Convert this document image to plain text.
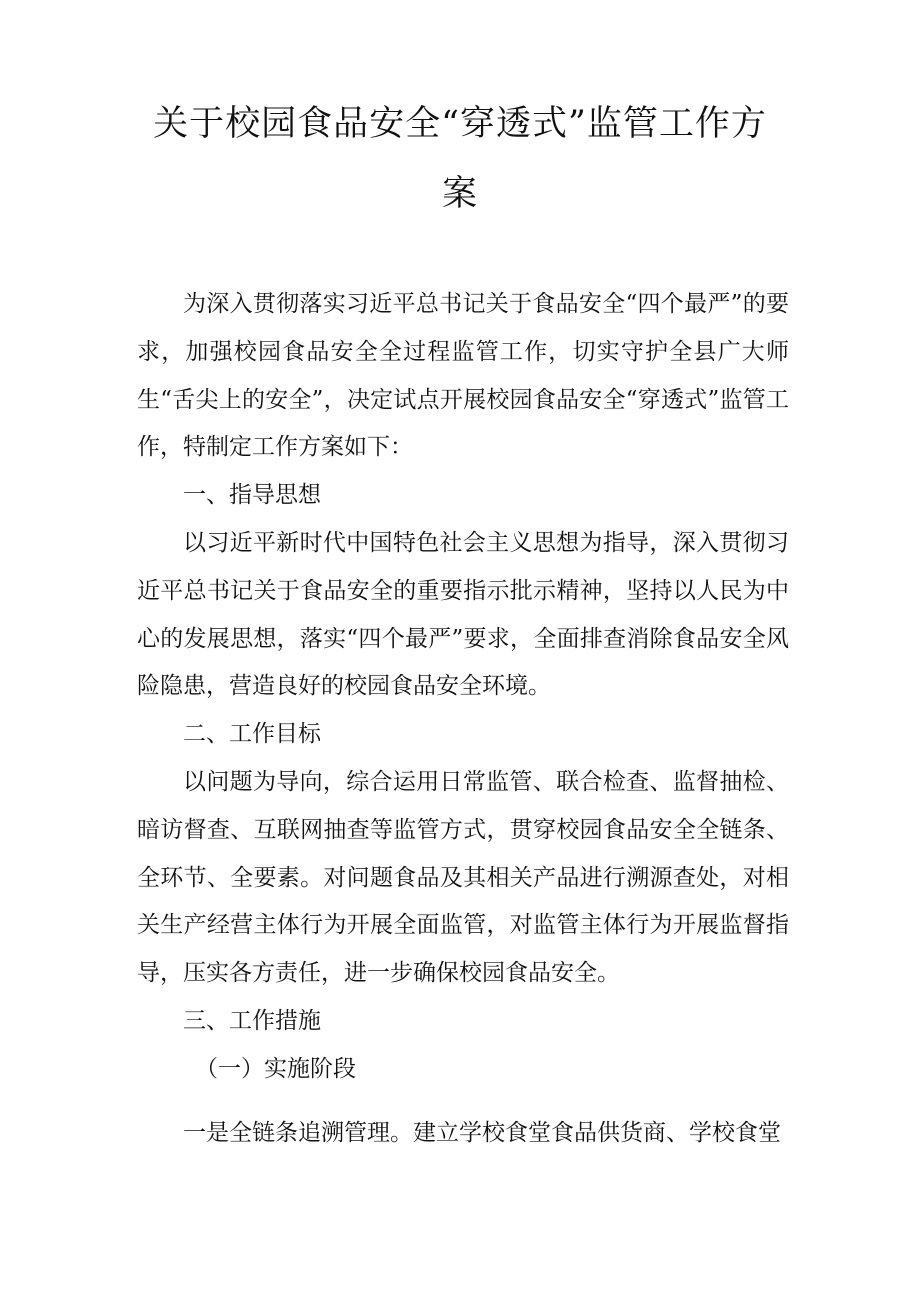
关于校园食品安全“穿透式”监管工作方
案

为深入贯彻落实习近平总书记关于食品安全“四个最严”的要求，加强校园食品安全全过程监管工作，切实守护全县广大师生“舌尖上的安全”，决定试点开展校园食品安全“穿透式”监管工作，特制定工作方案如下：

一、指导思想

以习近平新时代中国特色社会主义思想为指导，深入贯彻习近平总书记关于食品安全的重要指示批示精神，坚持以人民为中心的发展思想，落实“四个最严”要求，全面排查消除食品安全风险隐患，营造良好的校园食品安全环境。

二、工作目标

以问题为导向，综合运用日常监管、联合检查、监督抽检、暗访督查、互联网抽查等监管方式，贯穿校园食品安全全链条、全环节、全要素。对问题食品及其相关产品进行溯源查处，对相关生产经营主体行为开展全面监管，对监管主体行为开展监督指导，压实各方责任，进一步确保校园食品安全。

三、工作措施

（一）实施阶段

一是全链条追溯管理。建立学校食堂食品供货商、学校食堂
